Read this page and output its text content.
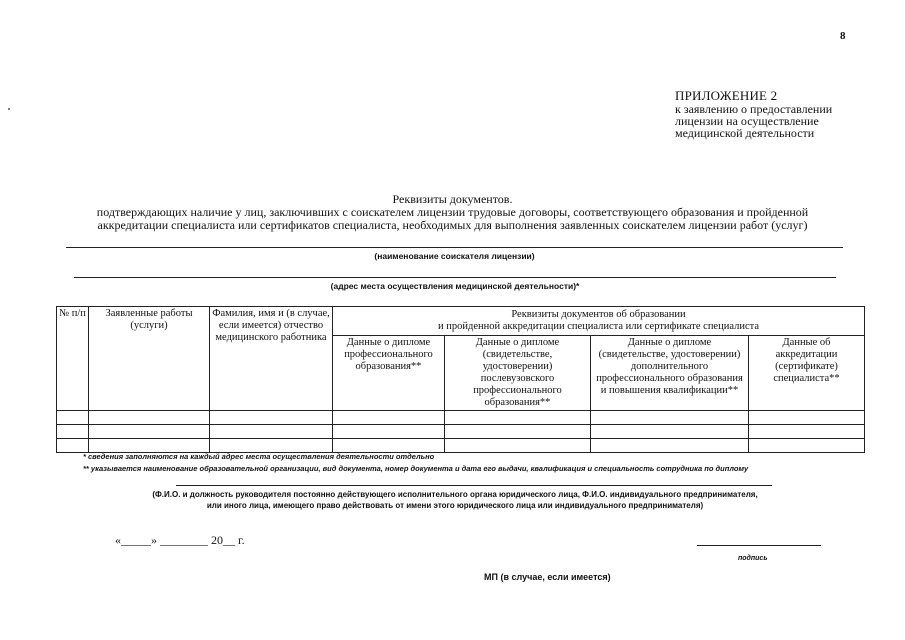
8
ПРИЛОЖЕНИЕ 2
к заявлению о предоставлении
лицензии на осуществление
медицинской деятельности
Реквизиты документов.
подтверждающих наличие у лиц, заключивших с соискателем лицензии трудовые договоры, соответствующего образования и пройденной
аккредитации специалиста или сертификатов специалиста, необходимых для выполнения заявленных соискателем лицензии работ (услуг)
(наименование соискателя лицензии)
(адрес места осуществления медицинской деятельности)*
№ п/п	Заявленные работы (услуги)	Фамилия, имя и (в случае, если имеется) отчество медицинского работника	Реквизиты документов об образовании
и пройденной аккредитации специалиста или сертификате специалиста			

			Данные о дипломе профессионального образования**	Данные о дипломе (свидетельстве, удостоверении) послевузовского профессионального образования**	Данные о дипломе (свидетельстве, удостоверении) дополнительного профессионального образования и повышения квалификации**	Данные об аккредитации (сертификате) специалиста**

* сведения заполняются на каждый адрес места осуществления деятельности отдельно
** указывается наименование образовательной организации, вид документа, номер документа и дата его выдачи, квалификация и специальность сотрудника по диплому
(Ф.И.О. и должность руководителя постоянно действующего исполнительного органа юридического лица, Ф.И.О. индивидуального предпринимателя,
или иного лица, имеющего право действовать от имени этого юридического лица или индивидуального предпринимателя)
«_____» ________ 20__ г.
подпись
МП (в случае, если имеется)
